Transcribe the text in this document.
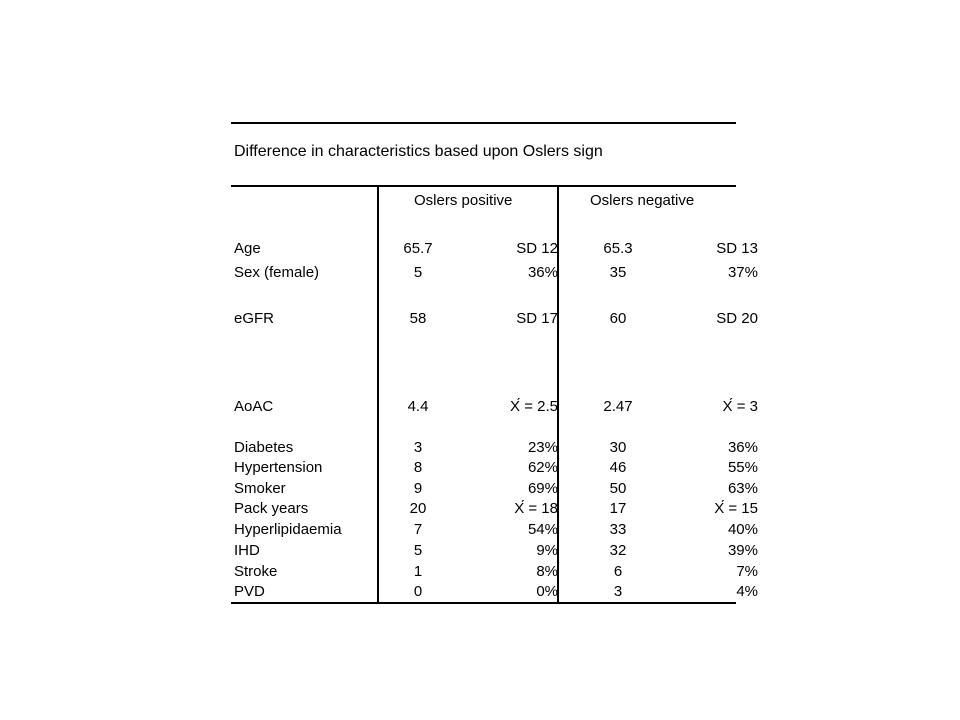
Difference in characteristics based upon Oslers sign
Oslers positive	Oslers negative
Age	65.7	SD 12	65.3	SD 13
Sex (female)	5	36%	35	37%
eGFR	58	SD 17	60	SD 20
AoAC	4.4	Х́ = 2.5	2.47	Х́ = 3
Diabetes	3	23%	30	36%
Hypertension	8	62%	46	55%
Smoker	9	69%	50	63%
Pack years	20	Х́ = 18	17	Х́ = 15
Hyperlipidaemia	7	54%	33	40%
IHD	5	9%	32	39%
Stroke	1	8%	6	7%
PVD	0	0%	3	4%
